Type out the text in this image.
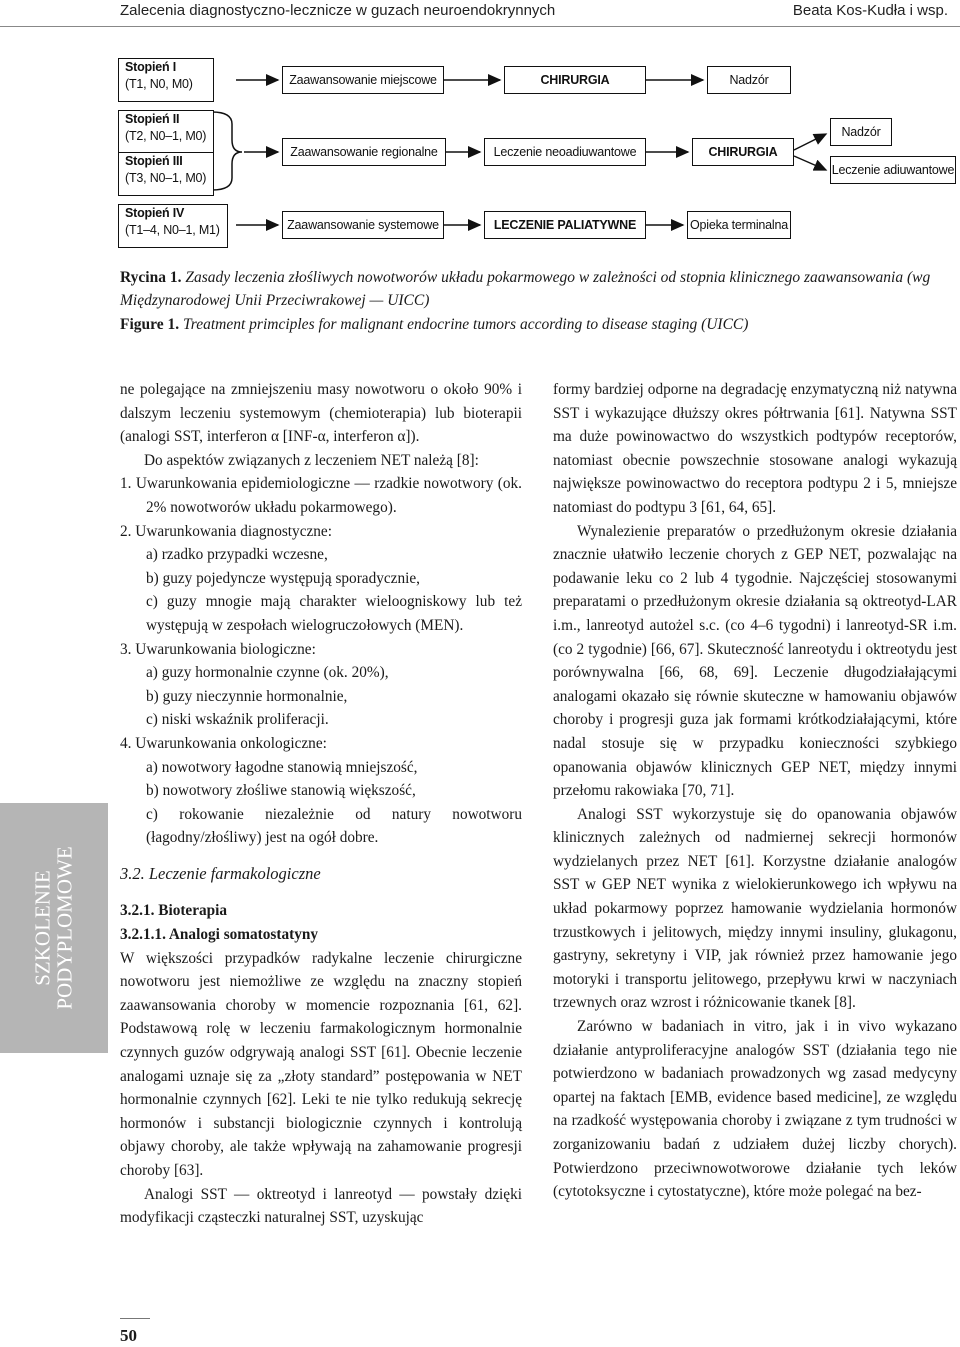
Zalecenia diagnostyczno-lecznicze w guzach neuroendokrynnych	Beata Kos-Kudła i wsp.
Stopień I
(T1, N0, M0)	Zaawansowanie miejscowe	CHIRURGIA	Nadzór
Stopień II
(T2, N0–1, M0)
Stopień III
(T3, N0–1, M0)
Zaawansowanie regionalne	Leczenie neoadiuwantowe	CHIRURGIA
Nadzór
Leczenie adiuwantowe
Stopień IV
(T1–4, N0–1, M1)	Zaawansowanie systemowe	LECZENIE PALIATYWNE	Opieka terminalna
Rycina 1. Zasady leczenia złośliwych nowotworów układu pokarmowego w zależności od stopnia klinicznego zaawansowania (wg Międzynarodowej Unii Przeciwrakowej — UICC)
Figure 1. Treatment primciples for malignant endocrine tumors according to disease staging (UICC)

ne polegające na zmniejszeniu masy nowotworu o około 90% i dalszym leczeniu systemowym (chemioterapia) lub bioterapii (analogi SST, interferon α [INF-α, interferon α]).

Do aspektów związanych z leczeniem NET należą [8]:

1. Uwarunkowania epidemiologiczne — rzadkie nowotwory (ok. 2% nowotworów układu pokarmowego).

2. Uwarunkowania diagnostyczne:

a) rzadko przypadki wczesne,

b) guzy pojedyncze występują sporadycznie,

c) guzy mnogie mają charakter wieloogniskowy lub też występują w zespołach wielogruczołowych (MEN).

3. Uwarunkowania biologiczne:

a) guzy hormonalnie czynne (ok. 20%),

b) guzy nieczynnie hormonalnie,

c) niski wskaźnik proliferacji.

4. Uwarunkowania onkologiczne:

a) nowotwory łagodne stanowią mniejszość,

b) nowotwory złośliwe stanowią większość,

c) rokowanie niezależnie od natury nowotworu (łagodny/złośliwy) jest na ogół dobre.

3.2. Leczenie farmakologiczne

3.2.1. Bioterapia

3.2.1.1. Analogi somatostatyny

W większości przypadków radykalne leczenie chirurgiczne nowotworu jest niemożliwe ze względu na znaczny stopień zaawansowania choroby w momencie rozpoznania [61, 62]. Podstawową rolę w leczeniu farmakologicznym hormonalnie czynnych guzów odgrywają analogi SST [61]. Obecnie leczenie analogami uznaje się za „złoty standard” postępowania w NET hormonalnie czynnych [62]. Leki te nie tylko redukują sekrecję hormonów i substancji biologicznie czynnych i kontrolują objawy choroby, ale także wpływają na zahamowanie progresji choroby [63].

Analogi SST — oktreotyd i lanreotyd — powstały dzięki modyfikacji cząsteczki naturalnej SST, uzyskując

formy bardziej odporne na degradację enzymatyczną niż natywna SST i wykazujące dłuższy okres półtrwania [61]. Natywna SST ma duże powinowactwo do wszystkich podtypów receptorów, natomiast obecnie powszechnie stosowane analogi wykazują największe powinowactwo do receptora podtypu 2 i 5, mniejsze natomiast do podtypu 3 [61, 64, 65].

Wynalezienie preparatów o przedłużonym okresie działania znacznie ułatwiło leczenie chorych z GEP NET, pozwalając na podawanie leku co 2 lub 4 tygodnie. Najczęściej stosowanymi preparatami o przedłużonym okresie działania są oktreotyd-LAR i.m., lanreotyd autożel s.c. (co 4–6 tygodni) i lanreotyd-SR i.m. (co 2 tygodnie) [66, 67]. Skuteczność lanreotydu i oktreotydu jest porównywalna [66, 68, 69]. Leczenie długodziałającymi analogami okazało się równie skuteczne w hamowaniu objawów choroby i progresji guza jak formami krótkodziałającymi, które nadal stosuje się w przypadku konieczności szybkiego opanowania objawów klinicznych GEP NET, między innymi przełomu rakowiaka [70, 71].

Analogi SST wykorzystuje się do opanowania objawów klinicznych zależnych od nadmiernej sekrecji hormonów wydzielanych przez NET [61]. Korzystne działanie analogów SST w GEP NET wynika z wielokierunkowego ich wpływu na układ pokarmowy poprzez hamowanie wydzielania hormonów trzustkowych i jelitowych, między innymi insuliny, glukagonu, gastryny, sekretyny i VIP, jak również przez hamowanie jego motoryki i transportu jelitowego, przepływu krwi w naczyniach trzewnych oraz wzrost i różnicowanie tkanek [8].

Zarówno w badaniach in vitro, jak i in vivo wykazano działanie antyproliferacyjne analogów SST (działania tego nie potwierdzono w badaniach prowadzonych wg zasad medycyny opartej na faktach [EMB, evidence based medicine], ze względu na rzadkość występowania choroby i związane z tym trudności w zorganizowaniu badań z udziałem dużej liczby chorych). Potwierdzono przeciwnowotworowe działanie tych leków (cytotoksyczne i cytostatyczne), które może polegać na bez-

SZKOLENIE
PODYPLOMOWE
50
